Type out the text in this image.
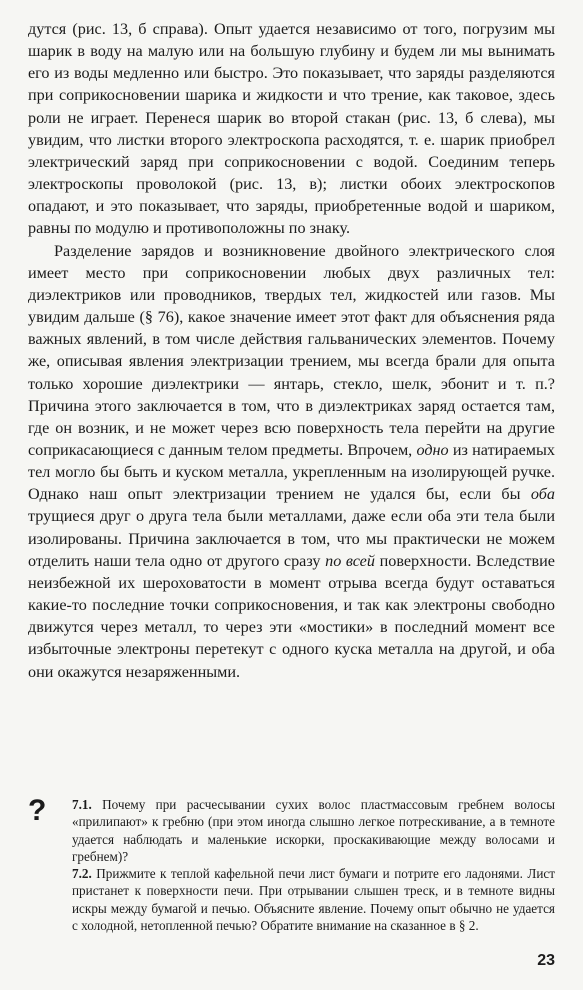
дутся (рис. 13, б справа). Опыт удается независимо от того, погрузим мы шарик в воду на малую или на большую глубину и будем ли мы вынимать его из воды медленно или быстро. Это показывает, что заряды разделяются при соприкосновении шарика и жидкости и что трение, как таковое, здесь роли не играет. Перенеся шарик во второй стакан (рис. 13, б слева), мы увидим, что листки второго электроскопа расходятся, т. е. шарик приобрел электрический заряд при соприкосновении с водой. Соединим теперь электроскопы проволокой (рис. 13, в); листки обоих электроскопов опадают, и это показывает, что заряды, приобретенные водой и шариком, равны по модулю и противоположны по знаку.

Разделение зарядов и возникновение двойного электрического слоя имеет место при соприкосновении любых двух различных тел: диэлектриков или проводников, твердых тел, жидкостей или газов. Мы увидим дальше (§ 76), какое значение имеет этот факт для объяснения ряда важных явлений, в том числе действия гальванических элементов. Почему же, описывая явления электризации трением, мы всегда брали для опыта только хорошие диэлектрики — янтарь, стекло, шелк, эбонит и т. п.? Причина этого заключается в том, что в диэлектриках заряд остается там, где он возник, и не может через всю поверхность тела перейти на другие соприкасающиеся с данным телом предметы. Впрочем, одно из натираемых тел могло бы быть и куском металла, укрепленным на изолирующей ручке. Однако наш опыт электризации трением не удался бы, если бы оба трущиеся друг о друга тела были металлами, даже если оба эти тела были изолированы. Причина заключается в том, что мы практически не можем отделить наши тела одно от другого сразу по всей поверхности. Вследствие неизбежной их шероховатости в момент отрыва всегда будут оставаться какие-то последние точки соприкосновения, и так как электроны свободно движутся через металл, то через эти «мостики» в последний момент все избыточные электроны перетекут с одного куска металла на другой, и оба они окажутся незаряженными.

? 7.1. Почему при расчесывании сухих волос пластмассовым гребнем волосы «прилипают» к гребню (при этом иногда слышно легкое потрескивание, а в темноте удается наблюдать и маленькие искорки, проскакивающие между волосами и гребнем)?

7.2. Прижмите к теплой кафельной печи лист бумаги и потрите его ладонями. Лист пристанет к поверхности печи. При отрывании слышен треск, и в темноте видны искры между бумагой и печью. Объясните явление. Почему опыт обычно не удается с холодной, нетопленной печью? Обратите внимание на сказанное в § 2.

23
